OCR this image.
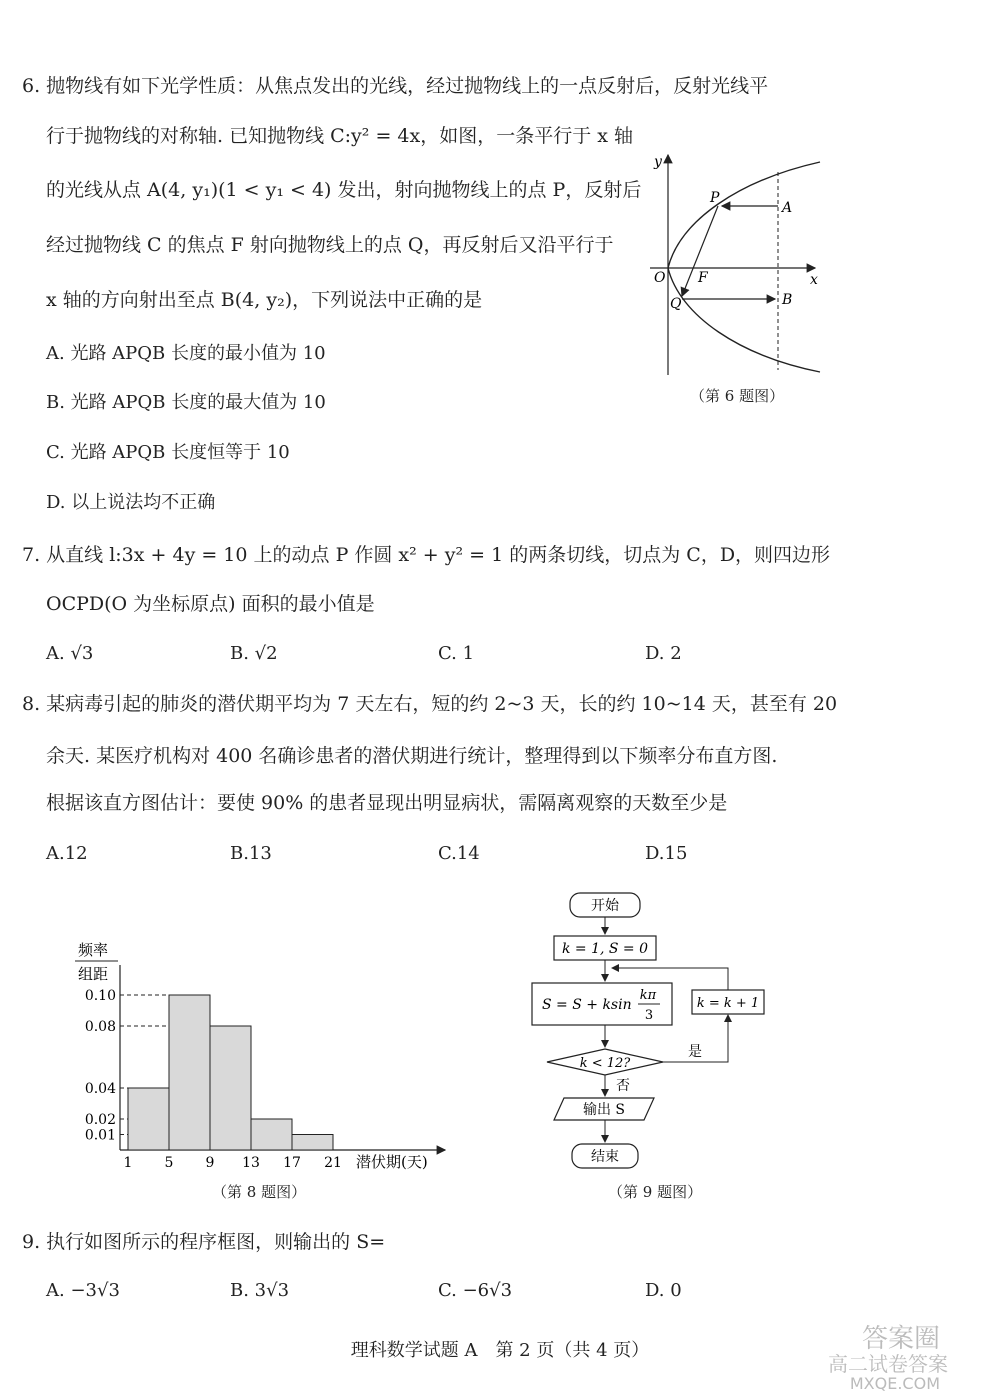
6. 抛物线有如下光学性质：从焦点发出的光线，经过抛物线上的一点反射后，反射光线平
行于抛物线的对称轴. 已知抛物线 C:y² = 4x，如图，一条平行于 x 轴
的光线从点 A(4, y₁)(1 < y₁ < 4) 发出，射向抛物线上的点 P，反射后
经过抛物线 C 的焦点 F 射向抛物线上的点 Q，再反射后又沿平行于
x 轴的方向射出至点 B(4, y₂)，下列说法中正确的是
A. 光路 APQB 长度的最小值为 10
B. 光路 APQB 长度的最大值为 10
C. 光路 APQB 长度恒等于 10
D. 以上说法均不正确
y
x
O F
P
A
Q	B
（第 6 题图）
7. 从直线 l:3x + 4y = 10 上的动点 P 作圆 x² + y² = 1 的两条切线，切点为 C，D，则四边形
OCPD(O 为坐标原点) 面积的最小值是
A. √3	B. √2	C. 1	D. 2
8. 某病毒引起的肺炎的潜伏期平均为 7 天左右，短的约 2~3 天，长的约 10~14 天，甚至有 20
余天. 某医疗机构对 400 名确诊患者的潜伏期进行统计，整理得到以下频率分布直方图.
根据该直方图估计：要使 90% 的患者显现出明显病状，需隔离观察的天数至少是
A.12	B.13	C.14	D.15
0.10
0.08
0.04
0.02
0.01
1 5 9 13 17 21
频率
组距
潜伏期(天)
（第 8 题图）
开始
k = 1, S = 0
S = S + ksin
kπ
3
k < 12?
是
k = k + 1
否
输出 S
结束
（第 9 题图）
9. 执行如图所示的程序框图，则输出的 S=
A. −3√3	B. 3√3	C. −6√3	D. 0
理科数学试题 A　第 2 页（共 4 页）	答案圈
高二试卷答案
MXQE.COM
